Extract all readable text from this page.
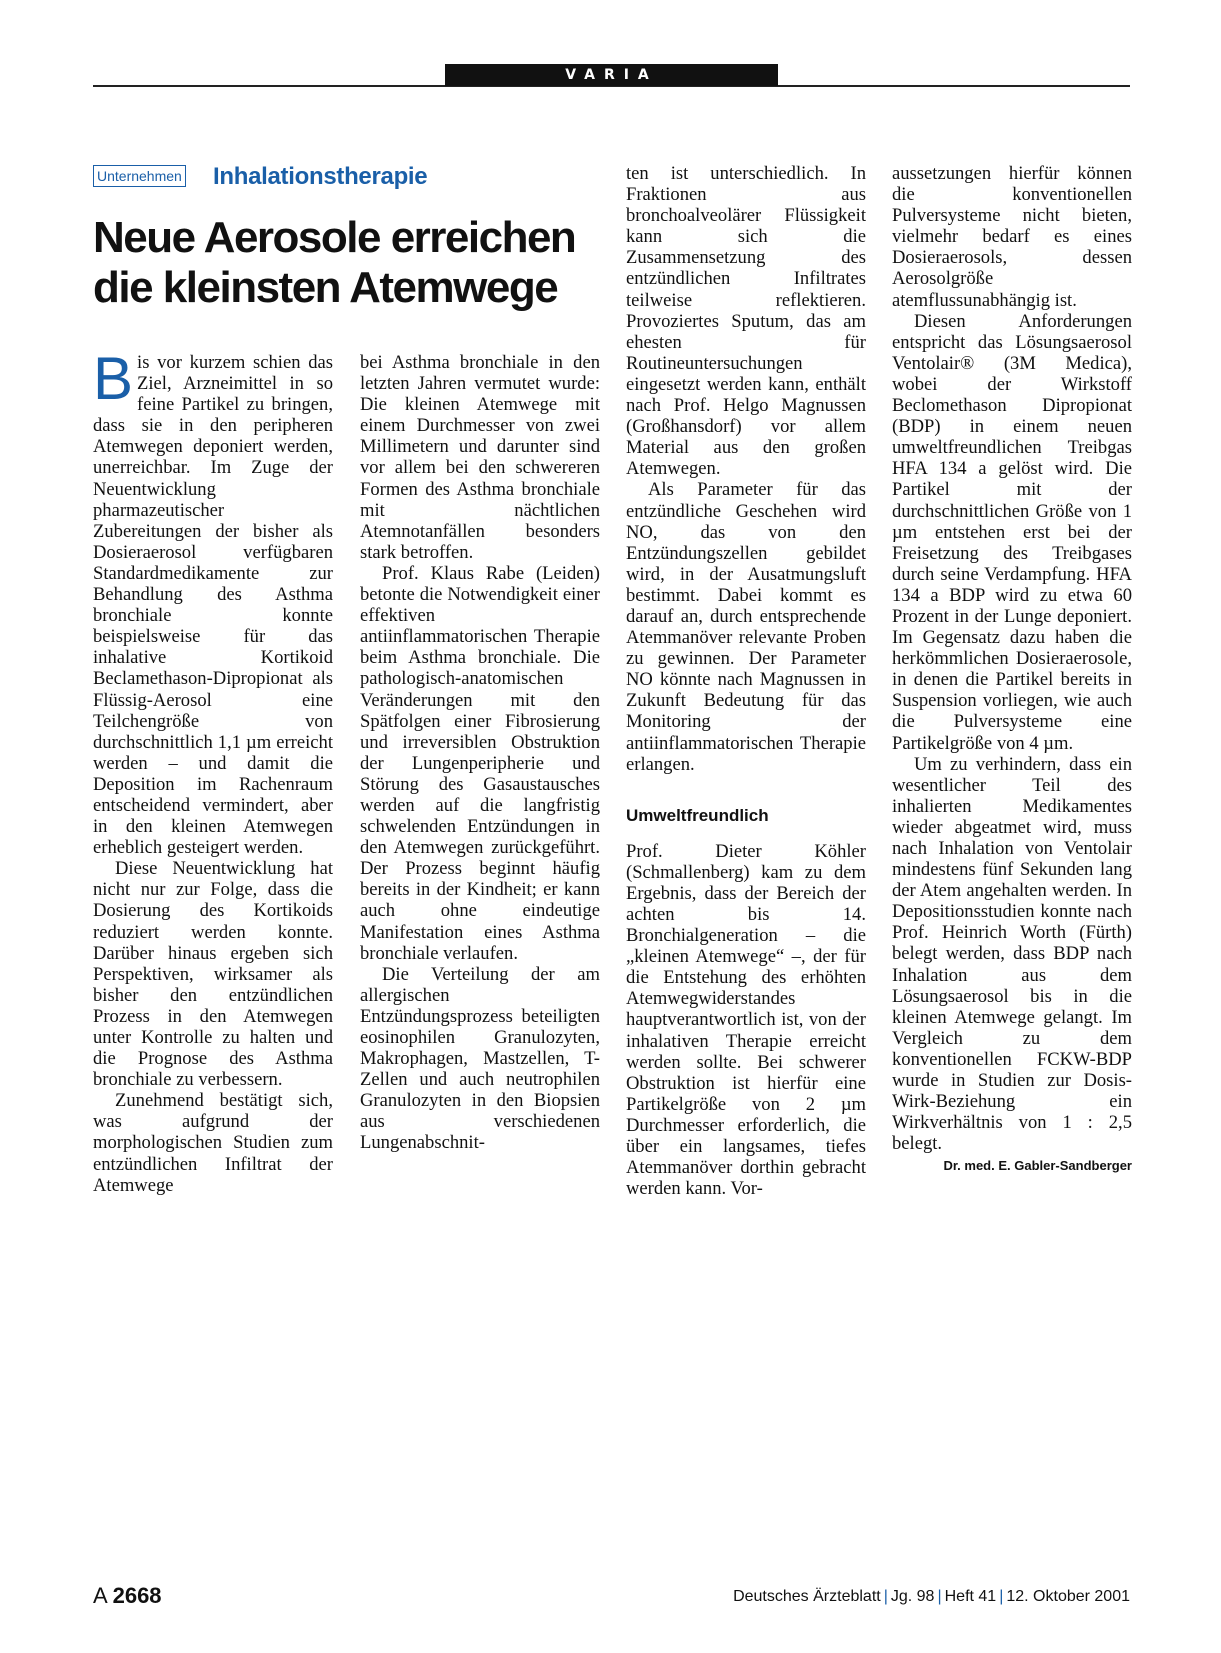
VARIA
Unternehmen Inhalationstherapie
Neue Aerosole erreichen die kleinsten Atemwege

Bis vor kurzem schien das Ziel, Arzneimittel in so feine Partikel zu bringen, dass sie in den peripheren Atemwegen deponiert werden, unerreichbar. Im Zuge der Neuentwicklung pharmazeutischer Zubereitungen der bisher als Dosieraerosol verfügbaren Standardmedikamente zur Behandlung des Asthma bronchiale konnte beispielsweise für das inhalative Kortikoid Beclamethason-Dipropionat als Flüssig-Aerosol eine Teilchengröße von durchschnittlich 1,1 µm erreicht werden – und damit die Deposition im Rachenraum entscheidend vermindert, aber in den kleinen Atemwegen erheblich gesteigert werden.

Diese Neuentwicklung hat nicht nur zur Folge, dass die Dosierung des Kortikoids reduziert werden konnte. Darüber hinaus ergeben sich Perspektiven, wirksamer als bisher den entzündlichen Prozess in den Atemwegen unter Kontrolle zu halten und die Prognose des Asthma bronchiale zu verbessern.

Zunehmend bestätigt sich, was aufgrund der morphologischen Studien zum entzündlichen Infiltrat der Atemwege

bei Asthma bronchiale in den letzten Jahren vermutet wurde: Die kleinen Atemwege mit einem Durchmesser von zwei Millimetern und darunter sind vor allem bei den schwereren Formen des Asthma bronchiale mit nächtlichen Atemnotanfällen besonders stark betroffen.

Prof. Klaus Rabe (Leiden) betonte die Notwendigkeit einer effektiven antiinflammatorischen Therapie beim Asthma bronchiale. Die pathologisch-anatomischen Veränderungen mit den Spätfolgen einer Fibrosierung und irreversiblen Obstruktion der Lungenperipherie und Störung des Gasaustausches werden auf die langfristig schwelenden Entzündungen in den Atemwegen zurückgeführt. Der Prozess beginnt häufig bereits in der Kindheit; er kann auch ohne eindeutige Manifestation eines Asthma bronchiale verlaufen.

Die Verteilung der am allergischen Entzündungsprozess beteiligten eosinophilen Granulozyten, Makrophagen, Mastzellen, T-Zellen und auch neutrophilen Granulozyten in den Biopsien aus verschiedenen Lungenabschnit-

ten ist unterschiedlich. In Fraktionen aus bronchoalveolärer Flüssigkeit kann sich die Zusammensetzung des entzündlichen Infiltrates teilweise reflektieren. Provoziertes Sputum, das am ehesten für Routineuntersuchungen eingesetzt werden kann, enthält nach Prof. Helgo Magnussen (Großhansdorf) vor allem Material aus den großen Atemwegen.

Als Parameter für das entzündliche Geschehen wird NO, das von den Entzündungszellen gebildet wird, in der Ausatmungsluft bestimmt. Dabei kommt es darauf an, durch entsprechende Atemmanöver relevante Proben zu gewinnen. Der Parameter NO könnte nach Magnussen in Zukunft Bedeutung für das Monitoring der antiinflammatorischen Therapie erlangen.

Umweltfreundlich

Prof. Dieter Köhler (Schmallenberg) kam zu dem Ergebnis, dass der Bereich der achten bis 14. Bronchialgeneration – die „kleinen Atemwege“ –, der für die Entstehung des erhöhten Atemwegwiderstandes hauptverantwortlich ist, von der inhalativen Therapie erreicht werden sollte. Bei schwerer Obstruktion ist hierfür eine Partikelgröße von 2 µm Durchmesser erforderlich, die über ein langsames, tiefes Atemmanöver dorthin gebracht werden kann. Vor-

aussetzungen hierfür können die konventionellen Pulversysteme nicht bieten, vielmehr bedarf es eines Dosieraerosols, dessen Aerosolgröße atemflussunabhängig ist.

Diesen Anforderungen entspricht das Lösungsaerosol Ventolair® (3M Medica), wobei der Wirkstoff Beclomethason Dipropionat (BDP) in einem neuen umweltfreundlichen Treibgas HFA 134 a gelöst wird. Die Partikel mit der durchschnittlichen Größe von 1 µm entstehen erst bei der Freisetzung des Treibgases durch seine Verdampfung. HFA 134 a BDP wird zu etwa 60 Prozent in der Lunge deponiert. Im Gegensatz dazu haben die herkömmlichen Dosieraerosole, in denen die Partikel bereits in Suspension vorliegen, wie auch die Pulversysteme eine Partikelgröße von 4 µm.

Um zu verhindern, dass ein wesentlicher Teil des inhalierten Medikamentes wieder abgeatmet wird, muss nach Inhalation von Ventolair mindestens fünf Sekunden lang der Atem angehalten werden. In Depositionsstudien konnte nach Prof. Heinrich Worth (Fürth) belegt werden, dass BDP nach Inhalation aus dem Lösungsaerosol bis in die kleinen Atemwege gelangt. Im Vergleich zu dem konventionellen FCKW-BDP wurde in Studien zur Dosis-Wirk-Beziehung ein Wirkverhältnis von 1 : 2,5 belegt.

Dr. med. E. Gabler-Sandberger
A 2668	Deutsches Ärzteblatt | Jg. 98 | Heft 41 | 12. Oktober 2001
